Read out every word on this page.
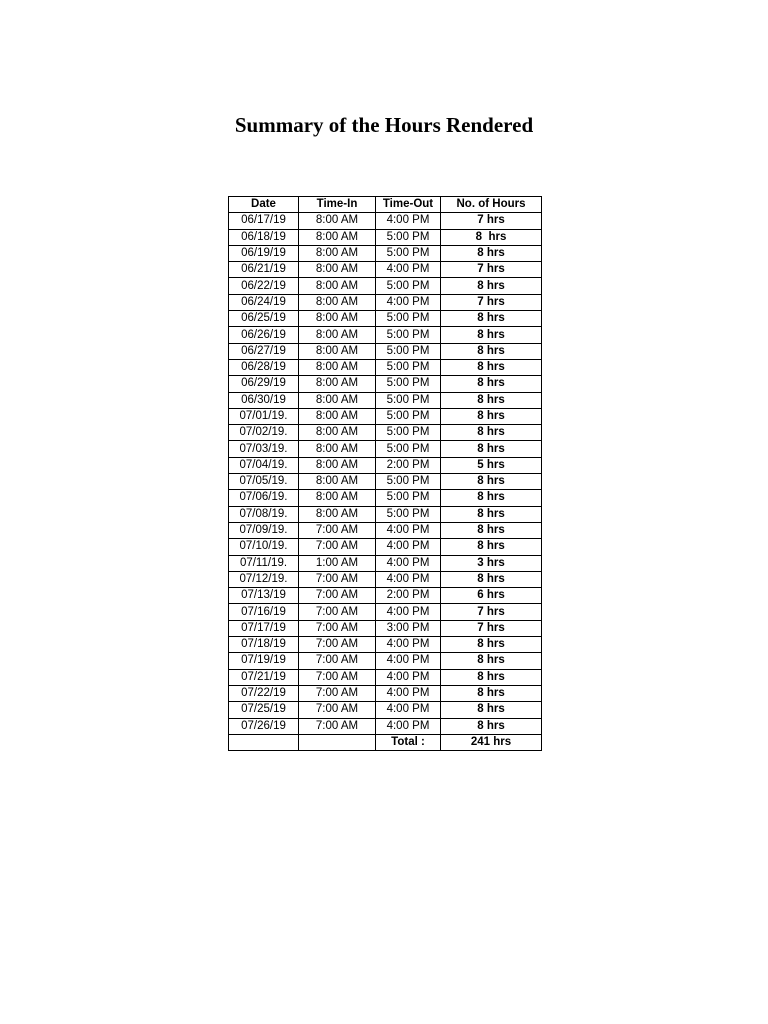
Summary of the Hours Rendered
Date	Time-In	Time-Out	No. of Hours
06/17/19	8:00 AM	4:00 PM	7 hrs
06/18/19	8:00 AM	5:00 PM	8  hrs
06/19/19	8:00 AM	5:00 PM	8 hrs
06/21/19	8:00 AM	4:00 PM	7 hrs
06/22/19	8:00 AM	5:00 PM	8 hrs
06/24/19	8:00 AM	4:00 PM	7 hrs
06/25/19	8:00 AM	5:00 PM	8 hrs
06/26/19	8:00 AM	5:00 PM	8 hrs
06/27/19	8:00 AM	5:00 PM	8 hrs
06/28/19	8:00 AM	5:00 PM	8 hrs
06/29/19	8:00 AM	5:00 PM	8 hrs
06/30/19	8:00 AM	5:00 PM	8 hrs
07/01/19.	8:00 AM	5:00 PM	8 hrs
07/02/19.	8:00 AM	5:00 PM	8 hrs
07/03/19.	8:00 AM	5:00 PM	8 hrs
07/04/19.	8:00 AM	2:00 PM	5 hrs
07/05/19.	8:00 AM	5:00 PM	8 hrs
07/06/19.	8:00 AM	5:00 PM	8 hrs
07/08/19.	8:00 AM	5:00 PM	8 hrs
07/09/19.	7:00 AM	4:00 PM	8 hrs
07/10/19.	7:00 AM	4:00 PM	8 hrs
07/11/19.	1:00 AM	4:00 PM	3 hrs
07/12/19.	7:00 AM	4:00 PM	8 hrs
07/13/19	7:00 AM	2:00 PM	6 hrs
07/16/19	7:00 AM	4:00 PM	7 hrs
07/17/19	7:00 AM	3:00 PM	7 hrs
07/18/19	7:00 AM	4:00 PM	8 hrs
07/19/19	7:00 AM	4:00 PM	8 hrs
07/21/19	7:00 AM	4:00 PM	8 hrs
07/22/19	7:00 AM	4:00 PM	8 hrs
07/25/19	7:00 AM	4:00 PM	8 hrs
07/26/19	7:00 AM	4:00 PM	8 hrs
		Total :	241 hrs
